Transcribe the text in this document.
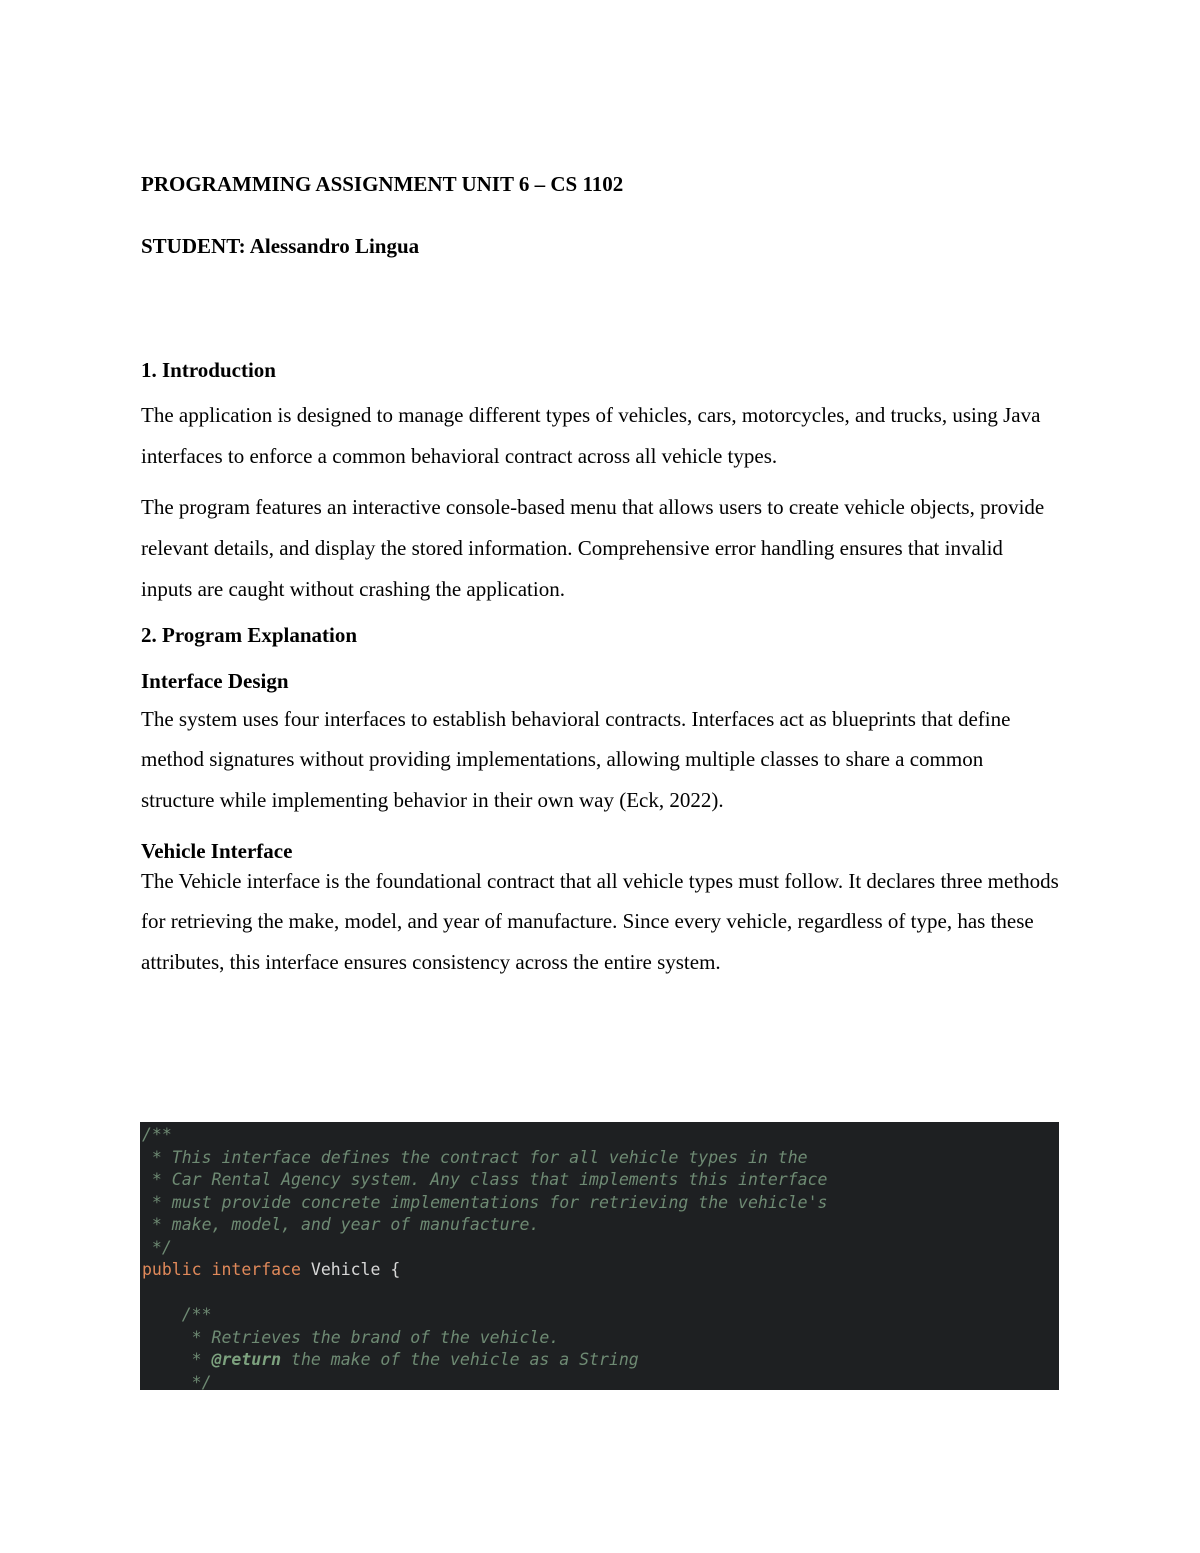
PROGRAMMING ASSIGNMENT UNIT 6 – CS 1102
STUDENT: Alessandro Lingua
1. Introduction

The application is designed to manage different types of vehicles, cars, motorcycles, and trucks, using Java interfaces to enforce a common behavioral contract across all vehicle types.

The program features an interactive console-based menu that allows users to create vehicle objects, provide relevant details, and display the stored information. Comprehensive error handling ensures that invalid inputs are caught without crashing the application.

2. Program Explanation
Interface Design

The system uses four interfaces to establish behavioral contracts. Interfaces act as blueprints that define method signatures without providing implementations, allowing multiple classes to share a common structure while implementing behavior in their own way (Eck, 2022).

Vehicle Interface

The Vehicle interface is the foundational contract that all vehicle types must follow. It declares three methods for retrieving the make, model, and year of manufacture. Since every vehicle, regardless of type, has these attributes, this interface ensures consistency across the entire system.

/**
* This interface defines the contract for all vehicle types in the
* Car Rental Agency system. Any class that implements this interface
* must provide concrete implementations for retrieving the vehicle's
* make, model, and year of manufacture.
*/
public interface Vehicle {
/**
* Retrieves the brand of the vehicle.
* @return the make of the vehicle as a String
*/
